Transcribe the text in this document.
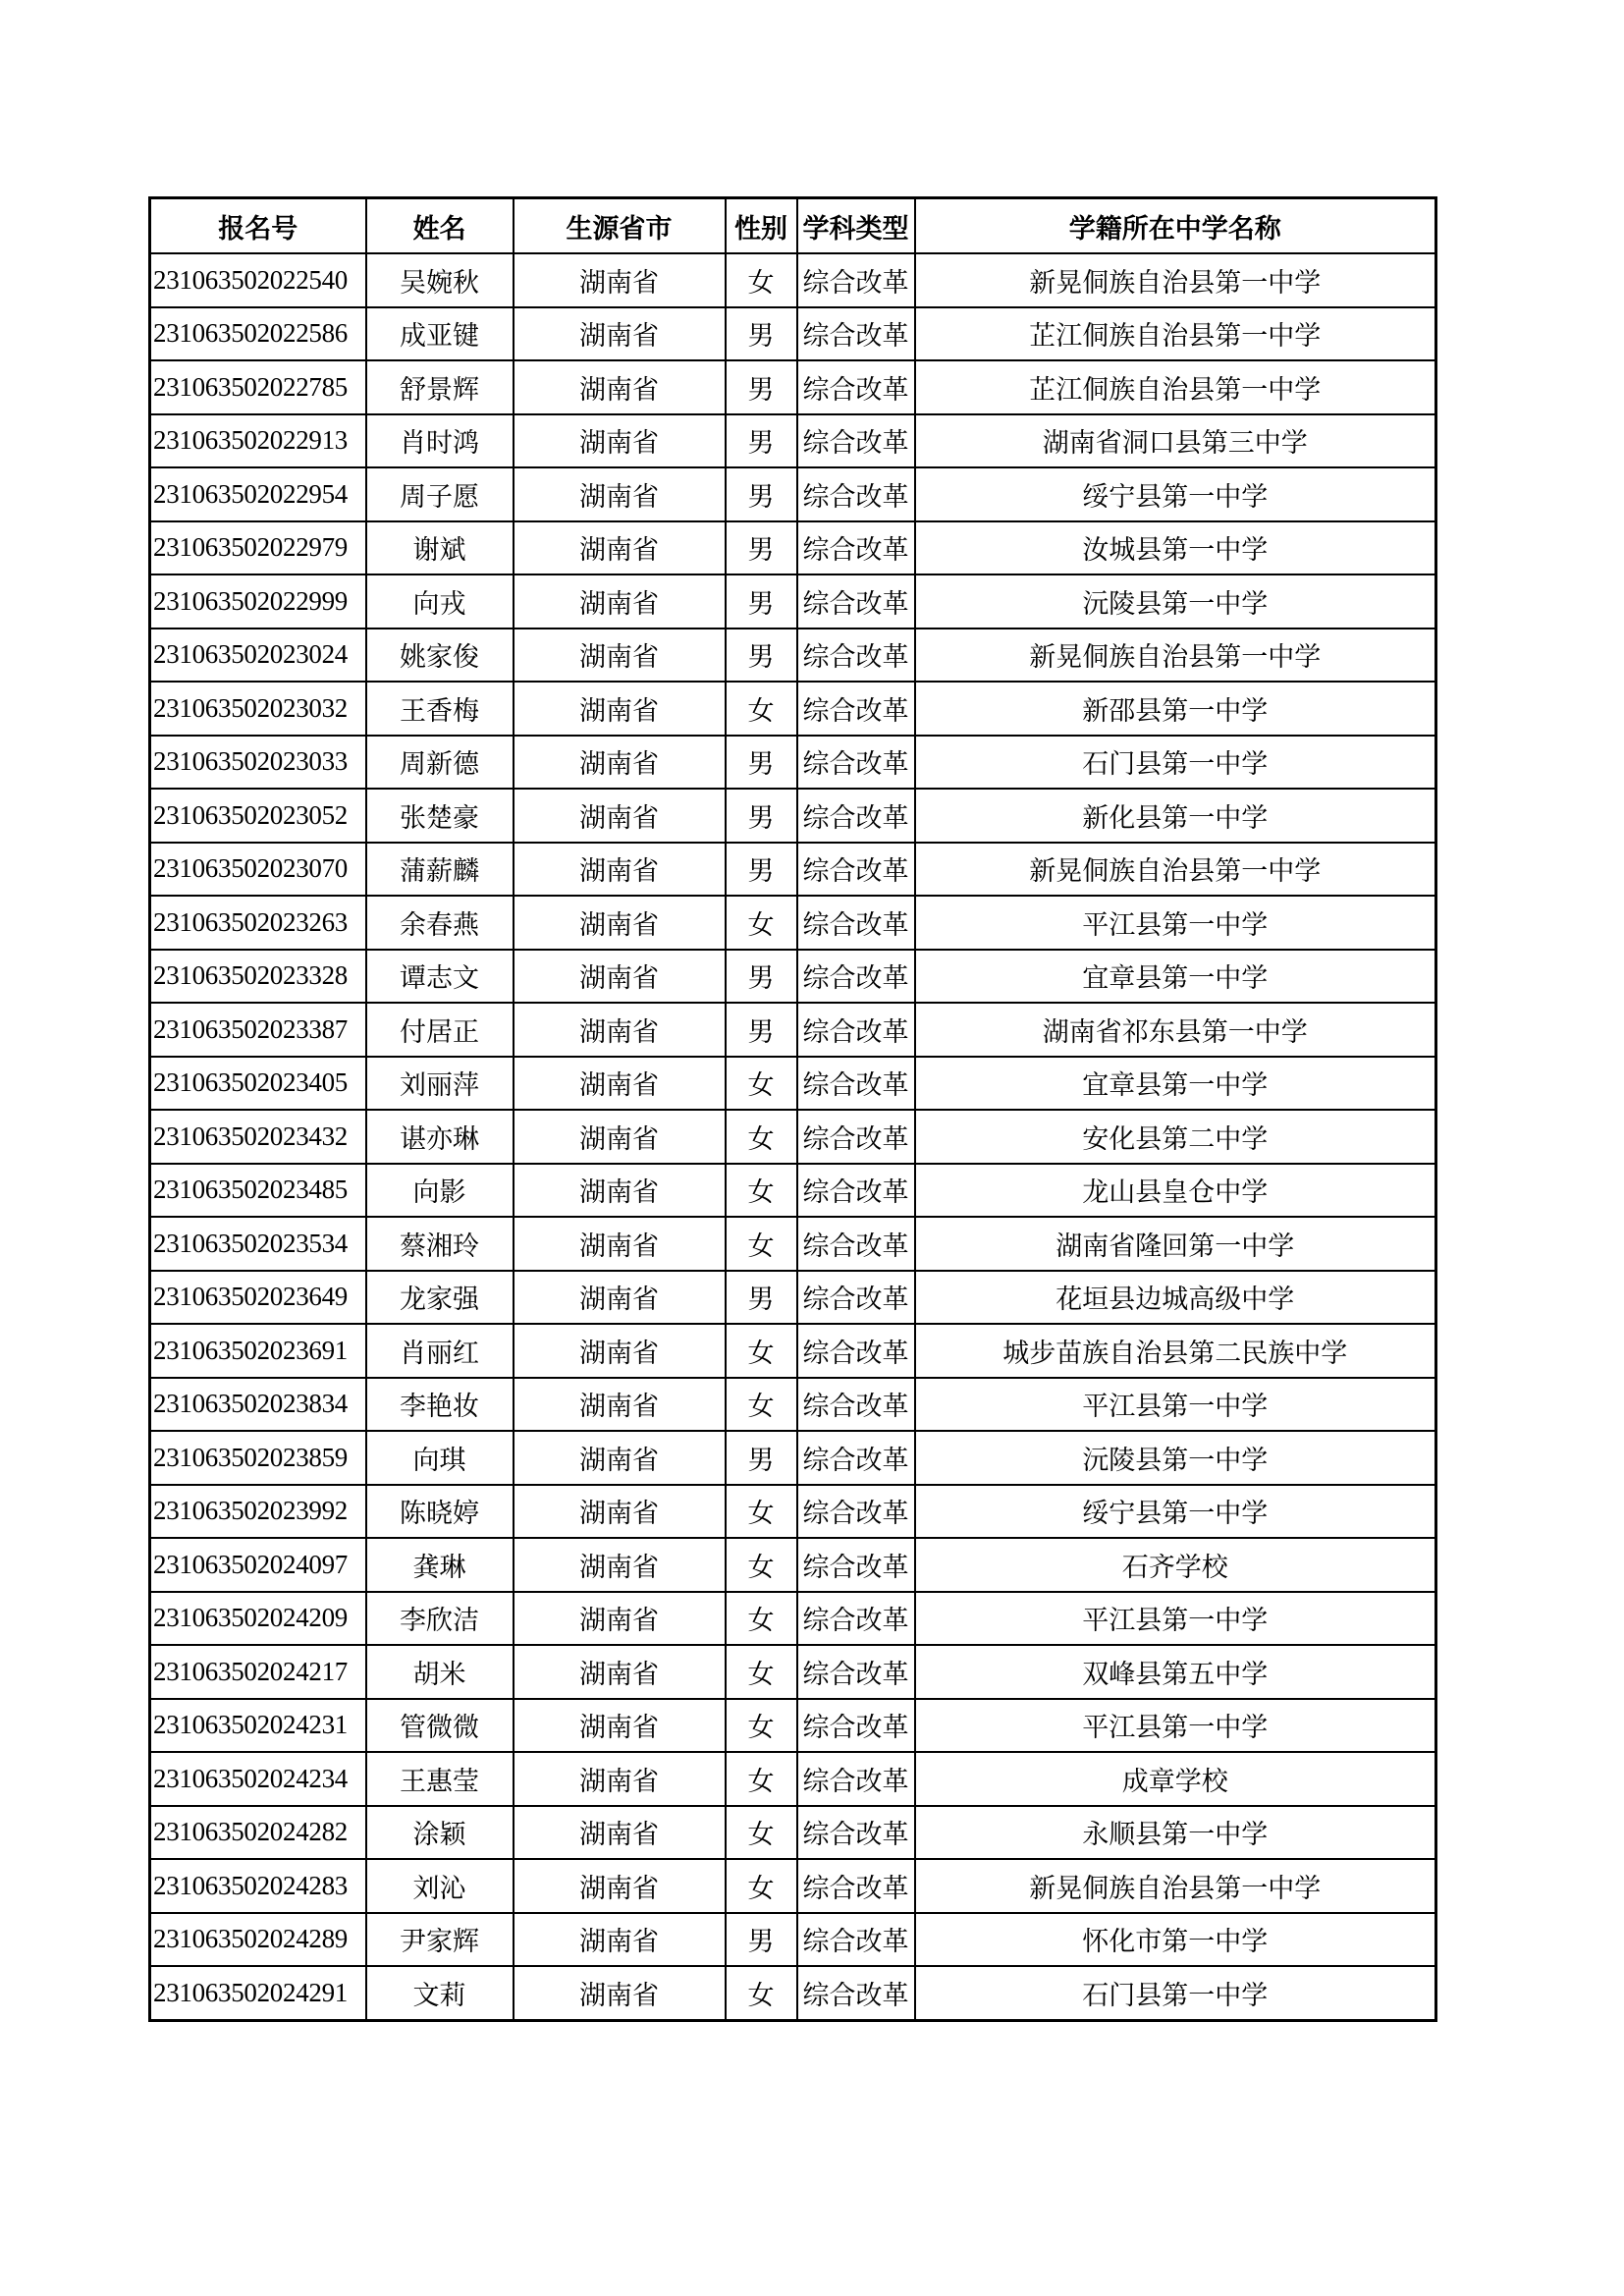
报名号	姓名	生源省市	性别	学科类型	学籍所在中学名称
231063502022540	吴婉秋	湖南省	女	综合改革	新晃侗族自治县第一中学
231063502022586	成亚键	湖南省	男	综合改革	芷江侗族自治县第一中学
231063502022785	舒景辉	湖南省	男	综合改革	芷江侗族自治县第一中学
231063502022913	肖时鸿	湖南省	男	综合改革	湖南省洞口县第三中学
231063502022954	周子愿	湖南省	男	综合改革	绥宁县第一中学
231063502022979	谢斌	湖南省	男	综合改革	汝城县第一中学
231063502022999	向戎	湖南省	男	综合改革	沅陵县第一中学
231063502023024	姚家俊	湖南省	男	综合改革	新晃侗族自治县第一中学
231063502023032	王香梅	湖南省	女	综合改革	新邵县第一中学
231063502023033	周新德	湖南省	男	综合改革	石门县第一中学
231063502023052	张楚豪	湖南省	男	综合改革	新化县第一中学
231063502023070	蒲薪麟	湖南省	男	综合改革	新晃侗族自治县第一中学
231063502023263	余春燕	湖南省	女	综合改革	平江县第一中学
231063502023328	谭志文	湖南省	男	综合改革	宜章县第一中学
231063502023387	付居正	湖南省	男	综合改革	湖南省祁东县第一中学
231063502023405	刘丽萍	湖南省	女	综合改革	宜章县第一中学
231063502023432	谌亦琳	湖南省	女	综合改革	安化县第二中学
231063502023485	向影	湖南省	女	综合改革	龙山县皇仓中学
231063502023534	蔡湘玲	湖南省	女	综合改革	湖南省隆回第一中学
231063502023649	龙家强	湖南省	男	综合改革	花垣县边城高级中学
231063502023691	肖丽红	湖南省	女	综合改革	城步苗族自治县第二民族中学
231063502023834	李艳妆	湖南省	女	综合改革	平江县第一中学
231063502023859	向琪	湖南省	男	综合改革	沅陵县第一中学
231063502023992	陈晓婷	湖南省	女	综合改革	绥宁县第一中学
231063502024097	龚琳	湖南省	女	综合改革	石齐学校
231063502024209	李欣洁	湖南省	女	综合改革	平江县第一中学
231063502024217	胡米	湖南省	女	综合改革	双峰县第五中学
231063502024231	管微微	湖南省	女	综合改革	平江县第一中学
231063502024234	王惠莹	湖南省	女	综合改革	成章学校
231063502024282	涂颖	湖南省	女	综合改革	永顺县第一中学
231063502024283	刘沁	湖南省	女	综合改革	新晃侗族自治县第一中学
231063502024289	尹家辉	湖南省	男	综合改革	怀化市第一中学
231063502024291	文莉	湖南省	女	综合改革	石门县第一中学
